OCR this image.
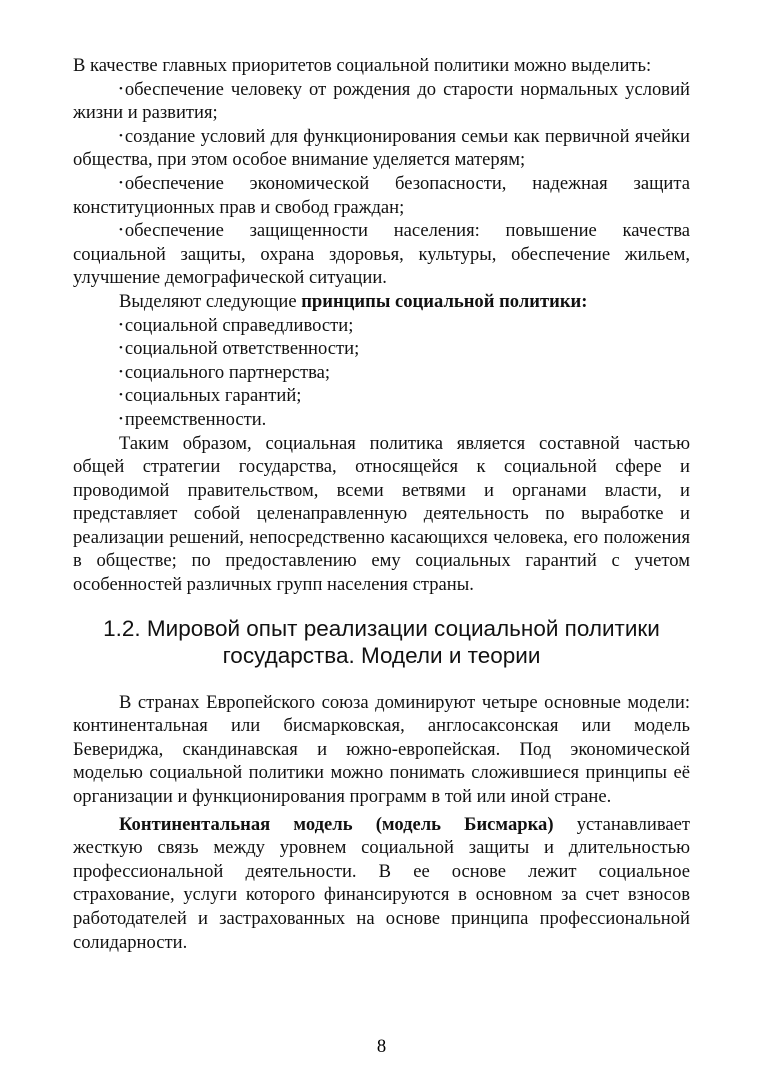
В качестве главных приоритетов социальной политики можно выделить:

• обеспечение человеку от рождения до старости нормальных условий жизни и развития;

• создание условий для функционирования семьи как первичной ячейки общества, при этом особое внимание уделяется матерям;

• обеспечение экономической безопасности, надежная защита конституционных прав и свобод граждан;

• обеспечение защищенности населения: повышение качества социальной защиты, охрана здоровья, культуры, обеспечение жильем, улучшение демографической ситуации.

Выделяют следующие принципы социальной политики:

• социальной справедливости;

• социальной ответственности;

• социального партнерства;

• социальных гарантий;

• преемственности.

Таким образом, социальная политика является составной частью общей стратегии государства, относящейся к социальной сфере и проводимой правительством, всеми ветвями и органами власти, и представляет собой целенаправленную деятельность по выработке и реализации решений, непосредственно касающихся человека, его положения в обществе; по предоставлению ему социальных гарантий с учетом особенностей различных групп населения страны.

1.2. Мировой опыт реализации социальной политики
государства. Модели и теории

В странах Европейского союза доминируют четыре основные модели: континентальная или бисмарковская, англосаксонская или модель Бевериджа, скандинавская и южно-европейская. Под экономической моделью социальной политики можно понимать сложившиеся принципы её организации и функционирования программ в той или иной стране.

Континентальная модель (модель Бисмарка) устанавливает жесткую связь между уровнем социальной защиты и длительностью профессиональной деятельности. В ее основе лежит социальное страхование, услуги которого финансируются в основном за счет взносов работодателей и застрахованных на основе принципа профессиональной солидарности.

8
